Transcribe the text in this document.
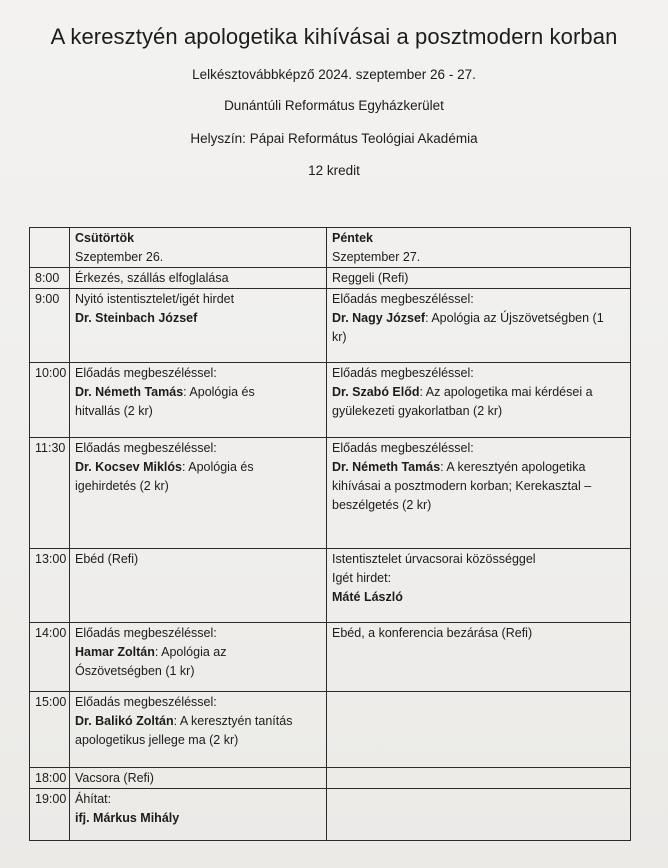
A keresztyén apologetika kihívásai a posztmodern korban
Lelkésztovábbképző 2024. szeptember 26 - 27.
Dunántúli Református Egyházkerület
Helyszín: Pápai Református Teológiai Akadémia
12 kredit

	Csütörtök
Szeptember 26.	Péntek
Szeptember 27.

8:00	Érkezés, szállás elfoglalása	Reggeli (Refi)
9:00	Nyitó istentisztelet/igét hirdet
Dr. Steinbach József	Előadás megbeszéléssel:
Dr. Nagy József: Apológia az Újszövetségben (1
kr)

10:00	Előadás megbeszéléssel:
Dr. Németh Tamás: Apológia és
hitvallás (2 kr)	Előadás megbeszéléssel:
Dr. Szabó Előd: Az apologetika mai kérdései a
gyülekezeti gyakorlatban (2 kr)

11:30	Előadás megbeszéléssel:
Dr. Kocsev Miklós: Apológia és
igehirdetés (2 kr)	Előadás megbeszéléssel:
Dr. Németh Tamás: A keresztyén apologetika
kihívásai a posztmodern korban; Kerekasztal –
beszélgetés (2 kr)

13:00	Ebéd (Refi)	Istentisztelet úrvacsorai közösséggel
Igét hirdet:
Máté László

14:00	Előadás megbeszéléssel:
Hamar Zoltán: Apológia az
Ószövetségben (1 kr)	Ebéd, a konferencia bezárása (Refi)
15:00	Előadás megbeszéléssel:
Dr. Balikó Zoltán: A keresztyén tanítás
apologetikus jellege ma (2 kr)	

18:00	Vacsora (Refi)	
19:00	Áhítat:
ifj. Márkus Mihály	
